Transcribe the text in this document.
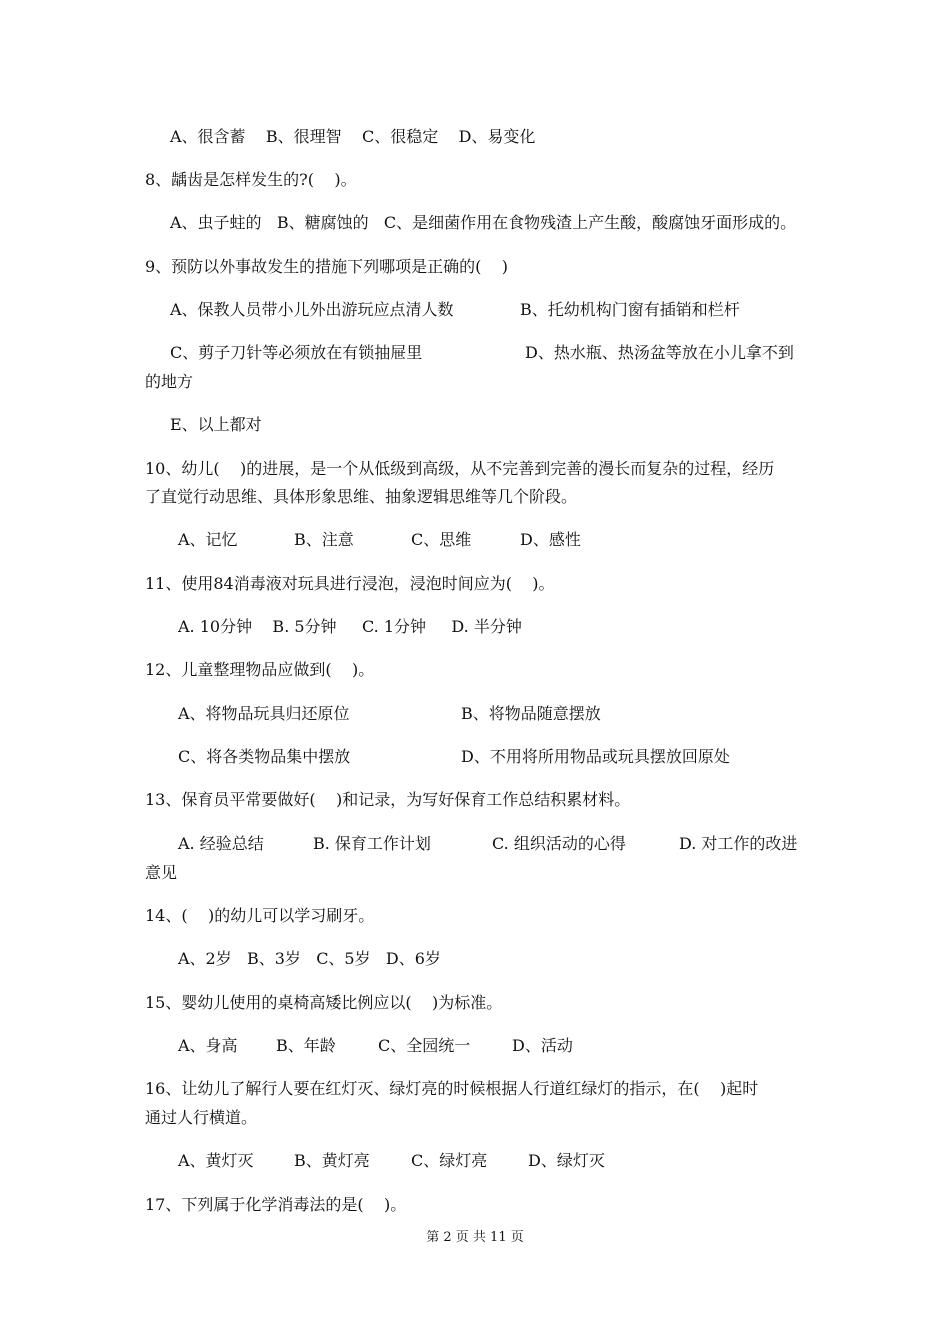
A、很含蓄    B、很理智    C、很稳定    D、易变化
8、龋齿是怎样发生的?(    )。
A、虫子蛀的   B、糖腐蚀的   C、是细菌作用在食物残渣上产生酸，酸腐蚀牙面形成的。
9、预防以外事故发生的措施下列哪项是正确的(    )
A、保教人员带小儿外出游玩应点清人数	B、托幼机构门窗有插销和栏杆
C、剪子刀针等必须放在有锁抽屉里	D、热水瓶、热汤盆等放在小儿拿不到
的地方
E、以上都对
10、幼儿(    )的进展，是一个从低级到高级，从不完善到完善的漫长而复杂的过程，经历
了直觉行动思维、具体形象思维、抽象逻辑思维等几个阶段。
A、记忆	B、注意	C、思维	D、感性
11、使用84消毒液对玩具进行浸泡，浸泡时间应为(    )。
A. 10分钟    B. 5分钟     C. 1分钟     D. 半分钟
12、儿童整理物品应做到(    )。
A、将物品玩具归还原位	B、将物品随意摆放
C、将各类物品集中摆放	D、不用将所用物品或玩具摆放回原处
13、保育员平常要做好(    )和记录，为写好保育工作总结积累材料。
A. 经验总结	B. 保育工作计划	C. 组织活动的心得	D. 对工作的改进
意见
14、(    )的幼儿可以学习刷牙。
A、2岁   B、3岁   C、5岁   D、6岁
15、婴幼儿使用的桌椅高矮比例应以(    )为标准。
A、身高 B、年龄	C、全园统一	D、活动
16、让幼儿了解行人要在红灯灭、绿灯亮的时候根据人行道红绿灯的指示，在(    )起时
通过人行横道。
A、黄灯灭	B、黄灯亮	C、绿灯亮	D、绿灯灭
17、下列属于化学消毒法的是(    )。
第 2 页 共 11 页
